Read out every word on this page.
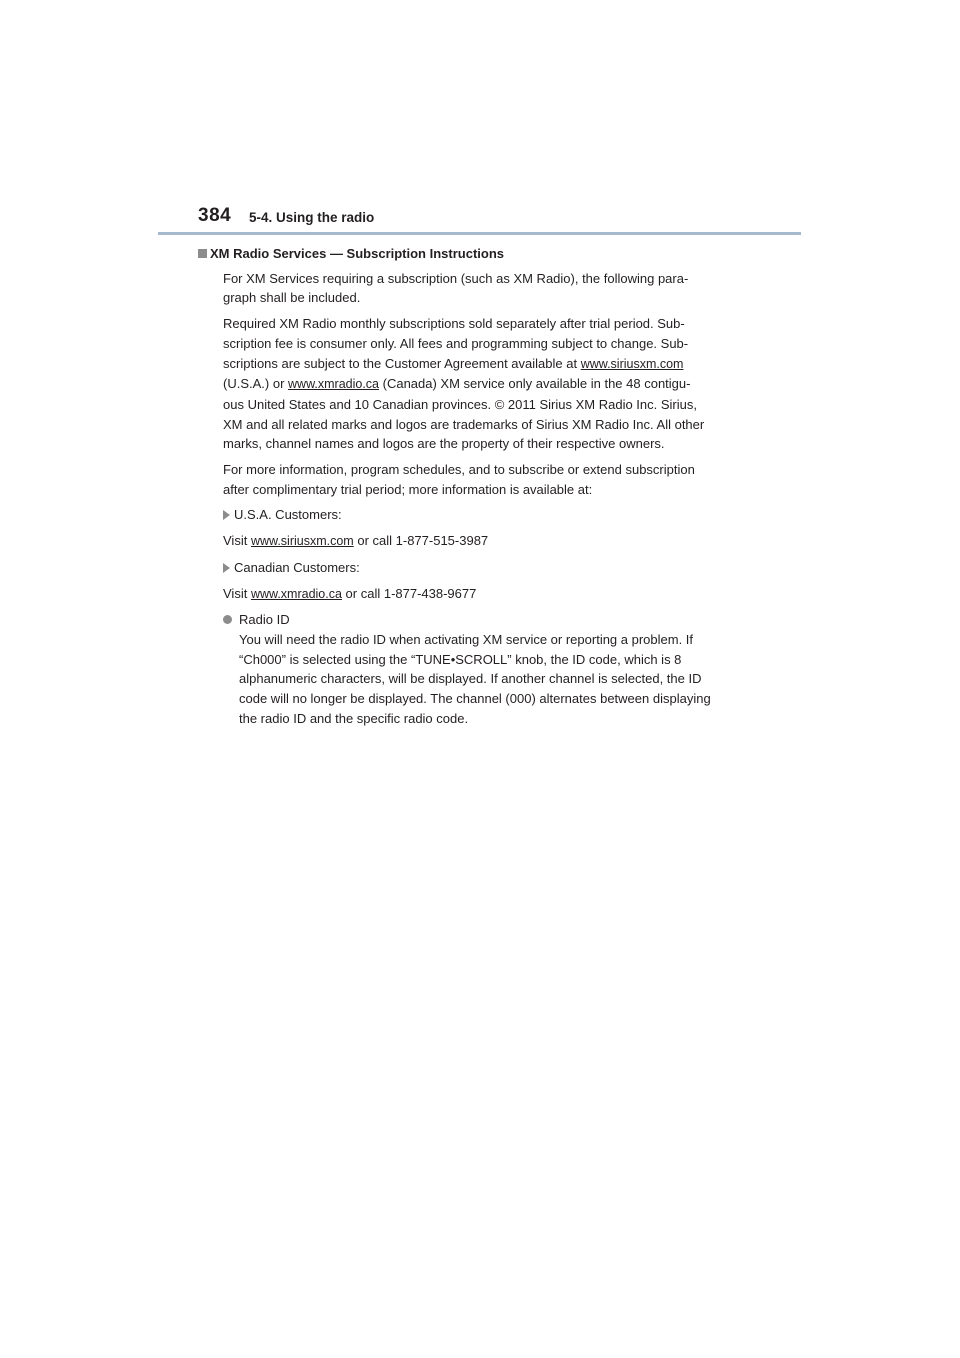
384 5-4. Using the radio

XM Radio Services — Subscription Instructions

For XM Services requiring a subscription (such as XM Radio), the following para-
graph shall be included.
Required XM Radio monthly subscriptions sold separately after trial period. Sub-
scription fee is consumer only. All fees and programming subject to change. Sub-
scriptions are subject to the Customer Agreement available at www.siriusxm.com
(U.S.A.) or www.xmradio.ca (Canada) XM service only available in the 48 contigu-
ous United States and 10 Canadian provinces. © 2011 Sirius XM Radio Inc. Sirius,
XM and all related marks and logos are trademarks of Sirius XM Radio Inc. All other
marks, channel names and logos are the property of their respective owners.
For more information, program schedules, and to subscribe or extend subscription
after complimentary trial period; more information is available at:
U.S.A. Customers:
Visit www.siriusxm.com or call 1-877-515-3987
Canadian Customers:
Visit www.xmradio.ca or call 1-877-438-9677
Radio ID
You will need the radio ID when activating XM service or reporting a problem. If
“Ch000” is selected using the “TUNE•SCROLL” knob, the ID code, which is 8
alphanumeric characters, will be displayed. If another channel is selected, the ID
code will no longer be displayed. The channel (000) alternates between displaying
the radio ID and the specific radio code.
